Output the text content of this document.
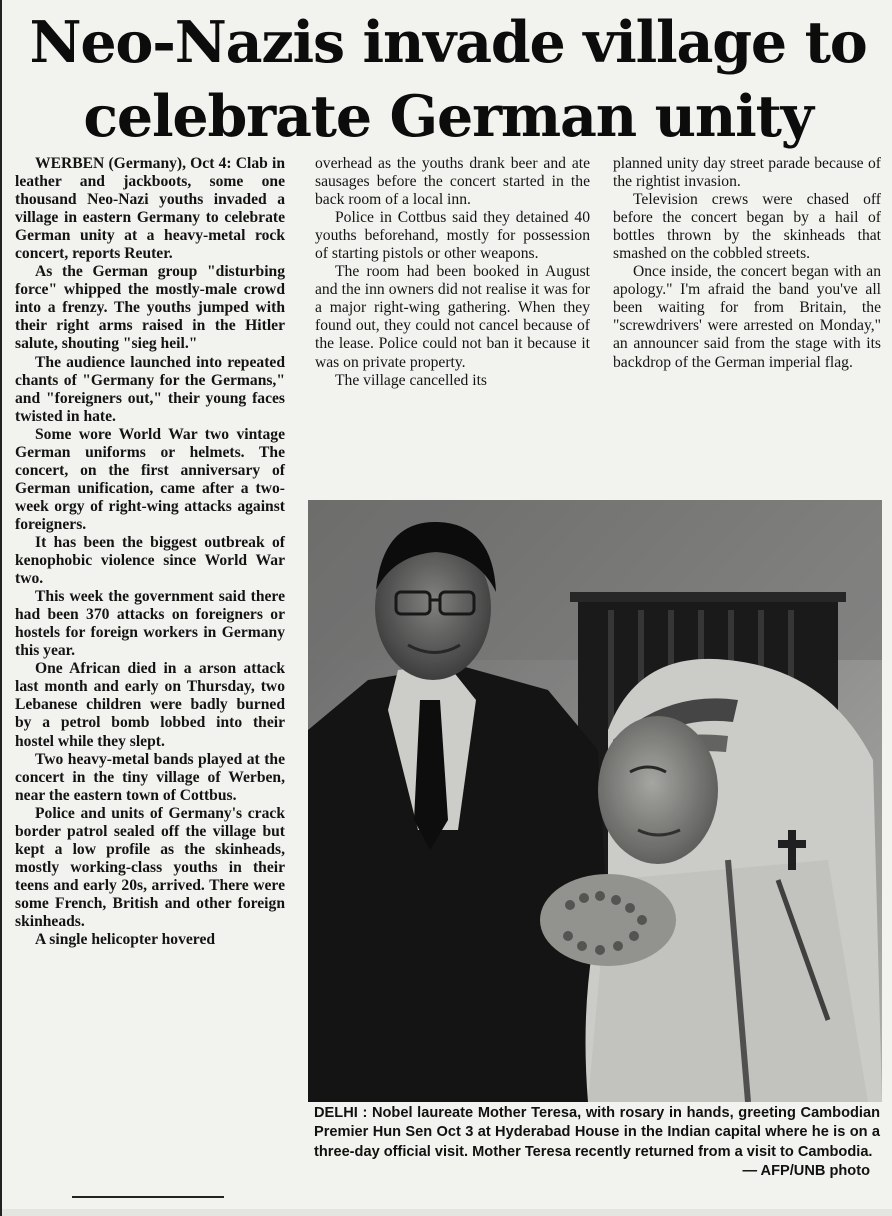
Neo-Nazis invade village to
celebrate German unity

WERBEN (Germany), Oct 4: Clab in leather and jackboots, some one thousand Neo-Nazi youths invaded a village in eastern Germany to celebrate German unity at a heavy-metal rock concert, reports Reuter.

As the German group "disturbing force" whipped the mostly-male crowd into a frenzy. The youths jumped with their right arms raised in the Hitler salute, shouting "sieg heil."

The audience launched into repeated chants of "Germany for the Germans," and "foreigners out," their young faces twisted in hate.

Some wore World War two vintage German uniforms or helmets. The concert, on the first anniversary of German unification, came after a two-week orgy of right-wing attacks against foreigners.

It has been the biggest outbreak of kenophobic violence since World War two.

This week the government said there had been 370 attacks on foreigners or hostels for foreign workers in Germany this year.

One African died in a arson attack last month and early on Thursday, two Lebanese children were badly burned by a petrol bomb lobbed into their hostel while they slept.

Two heavy-metal bands played at the concert in the tiny village of Werben, near the eastern town of Cottbus.

Police and units of Germany's crack border patrol sealed off the village but kept a low profile as the skinheads, mostly working-class youths in their teens and early 20s, arrived. There were some French, British and other foreign skinheads.

A single helicopter hovered

overhead as the youths drank beer and ate sausages before the concert started in the back room of a local inn.

Police in Cottbus said they detained 40 youths beforehand, mostly for possession of starting pistols or other weapons.

The room had been booked in August and the inn owners did not realise it was for a major right-wing gathering. When they found out, they could not cancel because of the lease. Police could not ban it because it was on private property.

The village cancelled its

planned unity day street parade because of the rightist invasion.

Television crews were chased off before the concert began by a hail of bottles thrown by the skinheads that smashed on the cobbled streets.

Once inside, the concert began with an apology." I'm afraid the band you've all been waiting for from Britain, the "screwdrivers' were arrested on Monday," an announcer said from the stage with its backdrop of the German imperial flag.

DELHI : Nobel laureate Mother Teresa, with rosary in hands, greeting Cambodian Premier Hun Sen Oct 3 at Hyderabad House in the Indian capital where he is on a three-day official visit. Mother Teresa recently returned from a visit to Cambodia.
— AFP/UNB photo
